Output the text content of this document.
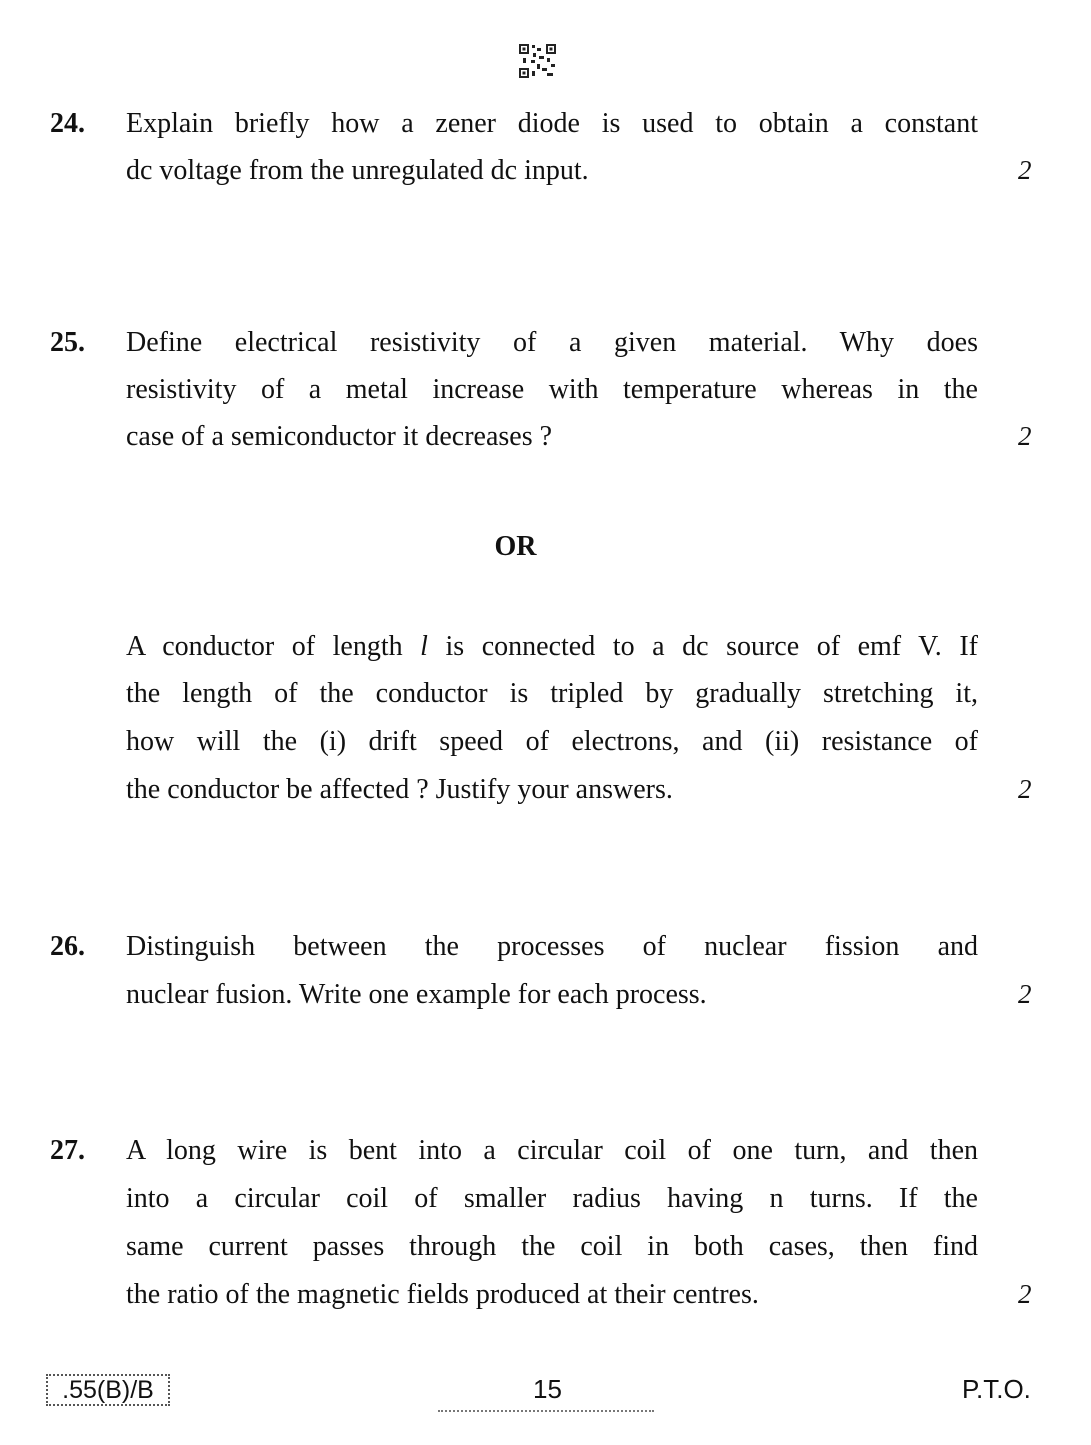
24. Explain briefly how a zener diode is used to obtain a constant
dc voltage from the unregulated dc input.	2
25. Define electrical resistivity of a given material. Why does
resistivity of a metal increase with temperature whereas in the
case of a semiconductor it decreases ?	2
OR
A conductor of length l is connected to a dc source of emf V. If
the length of the conductor is tripled by gradually stretching it,
how will the (i) drift speed of electrons, and (ii) resistance of
the conductor be affected ? Justify your answers.	2
26. Distinguish between the processes of nuclear fission and
nuclear fusion. Write one example for each process.	2
27. A long wire is bent into a circular coil of one turn, and then
into a circular coil of smaller radius having n turns. If the
same current passes through the coil in both cases, then find
the ratio of the magnetic fields produced at their centres.	2
.55(B)/B	15	P.T.O.
